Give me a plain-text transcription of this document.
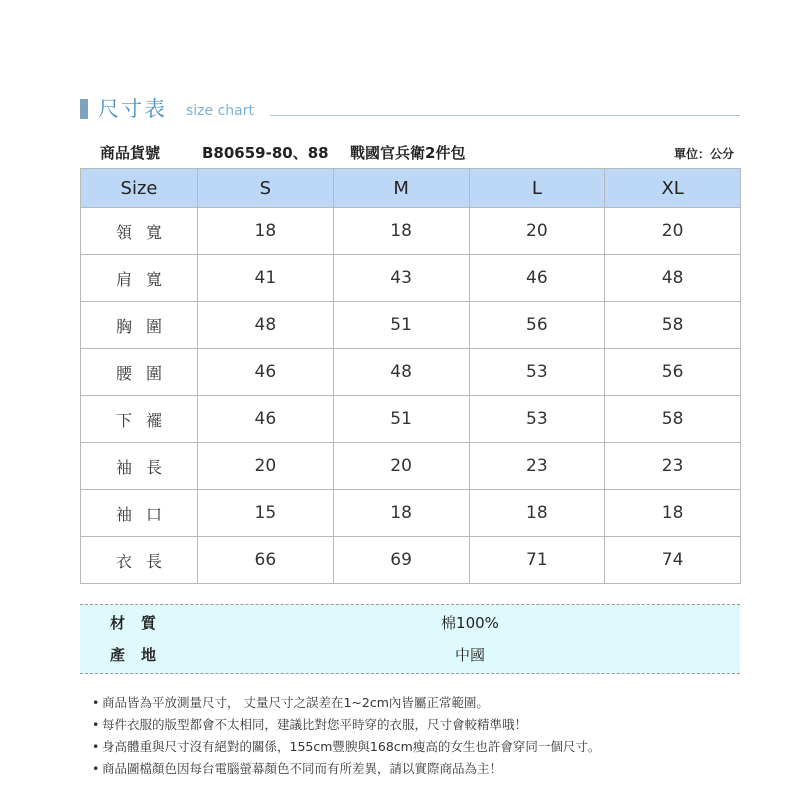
尺寸表 size chart
商品貨號	B80659-80、88 戰國官兵衛2件包	單位：公分
Size	S	M	L	XL
領寬	18	18	20	20
肩寬	41	43	46	48
胸圍	48	51	56	58
腰圍	46	48	53	56
下襬	46	51	53	58
袖長	20	20	23	23
袖口	15	18	18	18
衣長	66	69	71	74
材質	棉100%
產地	中國
• 商品皆為平放測量尺寸， 丈量尺寸之誤差在1~2cm內皆屬正常範圍。
• 每件衣服的版型都會不太相同，建議比對您平時穿的衣服，尺寸會較精準哦！
• 身高體重與尺寸沒有絕對的關係，155cm豐腴與168cm瘦高的女生也許會穿同一個尺寸。
• 商品圖檔顏色因每台電腦螢幕顏色不同而有所差異，請以實際商品為主！
